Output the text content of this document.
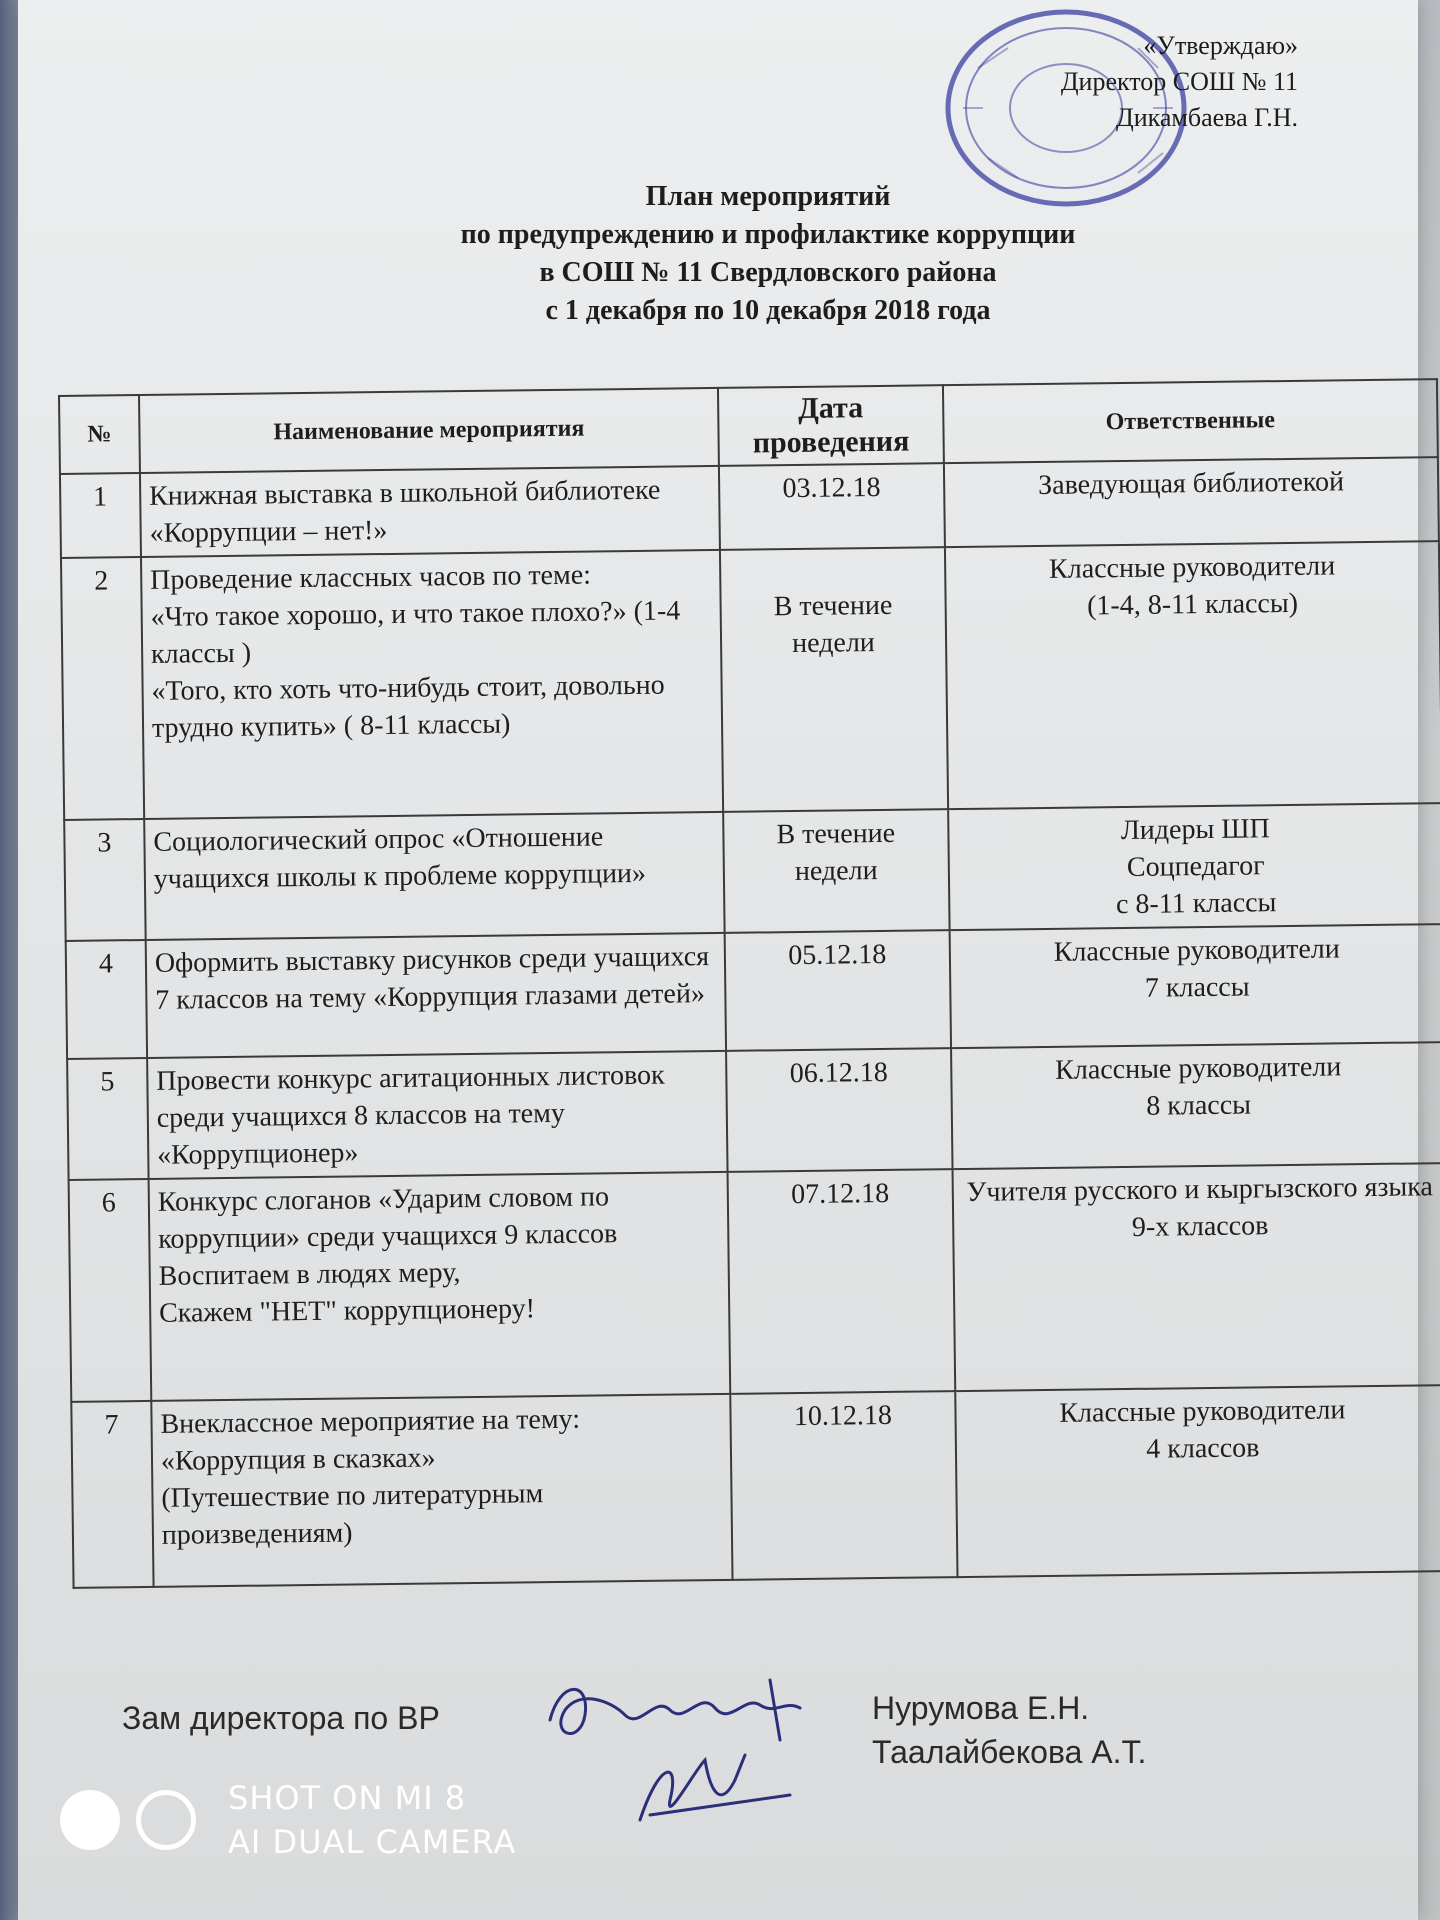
«Утверждаю»
Директор СОШ № 11
Дикамбаева Г.Н.
План мероприятий
по предупреждению и профилактике коррупции
в СОШ № 11 Свердловского района
с 1 декабря по 10 декабря 2018 года
№	Наименование мероприятия	Дата проведения	Ответственные
1	Книжная выставка в школьной библиотеке «Коррупции – нет!»	03.12.18	Заведующая библиотекой
2	Проведение классных часов по теме:
«Что такое хорошо, и что такое плохо?» (1-4 классы )
«Того, кто хоть что-нибудь стоит, довольно трудно купить» ( 8-11 классы)	В течение недели	Классные руководители
(1-4, 8-11 классы)
3	Социологический опрос «Отношение учащихся школы к проблеме коррупции»	В течение недели	Лидеры ШП
Соцпедагог
с 8-11 классы
4	Оформить выставку рисунков среди учащихся 7 классов на тему «Коррупция глазами детей»	05.12.18	Классные руководители
7 классы
5	Провести конкурс агитационных листовок среди учащихся 8 классов на тему «Коррупционер»	06.12.18	Классные руководители
8 классы
6	Конкурс слоганов «Ударим словом по коррупции» среди учащихся 9 классов
Воспитаем в людях меру,
Скажем "НЕТ" коррупционеру!	07.12.18	Учителя русского и кыргызского языка 9-х классов
7	Внеклассное мероприятие на тему: «Коррупция в сказках»
(Путешествие по литературным произведениям)	10.12.18	Классные руководители
4 классов
Зам директора по ВР	Нурумова Е.Н.
Таалайбекова А.Т.
SHOT ON MI 8
AI DUAL CAMERA
